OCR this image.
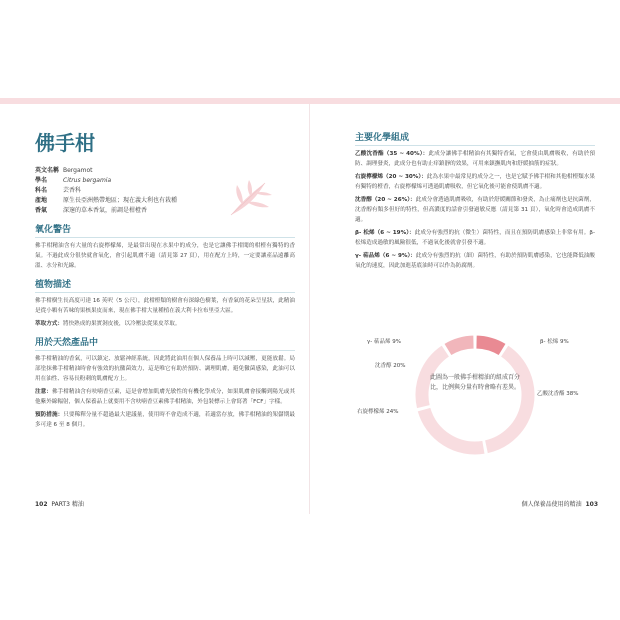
佛手柑
英文名稱 Bergamot
學名	Citrus bergamia
科名	芸香科
產地	原生長亞洲熱帶地區；現在義大利也有栽種
香氣	深邃的草本香氣，前調是柑橙香
氧化警告

佛手柑精油含有大量的右旋檸檬烯，是最常出現在水果中的成分，也是它讓佛手柑聞的柑橙有獨特的香氣。不過此成分很快就會氧化，會引起肌膚不適（請見第 27 頁），用在配方上時，一定要讓產品遠離高溫、水分和光線。

植物描述

佛手柑樹生長高度可達 16 英呎（5 公尺），此柑橙類的樹會有深綠色樹葉，有香氣的花朵呈星狀，此精油是從小顆有苦味的果核果皮而來，現在佛手柑大量種植在義大利卡拉布里亞大區。

萃取方式：將快熟成的果實剝皮後，以冷壓法從果皮萃取。

用於天然產品中

佛手柑精油的香氣，可以鎮定、放鬆神經系統，因此將此油用在個人保養品上時可以減壓，更能放鬆。局部塗抹佛手柑精油時會有強效的抗黴菌效力，這是唯它有助於預防、調理肌膚，避免黴菌感染，此油可以用在油性、容易長粉刺的肌膚配方上。

注意：佛手柑精油含有呋喃香豆素，這是會增加肌膚光敏性的有機化學成分，如果肌膚會接觸到陽光或其他紫外線輻射，個人保養品上就要用不含呋喃香豆素佛手柑精油，外包裝標示上會寫著「FCF」字樣。

預防措施：只要稀釋分量不超過最大建議量，使用時不會造成不適，若適當存放，佛手柑精油的架儲期最多可達 6 至 8 個月。

主要化學組成

乙酸沈香酯（35 ~ 40%）：此成分讓佛手柑精油有其獨特香氣，它會使由肌膚吸收，有助於預防、調理發炎，此成分也有助止痒鎮靜的效果，可用來鎮撫肌肉和舒緩抽筋的症狀。

右旋檸檬烯（20 ~ 30%）：此為水果中最常見的成分之一，也是它賦予佛手柑和其他柑橙類水果有獨特的橙香，右旋檸檬烯可透過肌膚吸收，但它氧化後可能會使肌膚不適。

沈香醇（20 ~ 26%）：此成分會透過肌膚吸收，有助於舒緩關節和發炎，為止痛劑也是抗菌劑，沈香醇有類多但好的特性，但高濃度的話會引發過敏反應（請見第 31 頁），氧化時會造成肌膚不適。

β- 松烯（6 ~ 19%）：此成分有強烈的抗（微生）菌特性，而且在預防肌膚感染上非常有用。β- 松烯造成過敏的風險很低，不過氧化後就會引發不適。

γ- 萜品烯（6 ~ 9%）：此成分有強烈的抗（細）菌特性，有助於預防肌膚感染，它也能降低油酸氧化的速度，因此加進基底油時可以作為防腐劑。

β- 松烯 9%
乙酸沈香酯 38%
右旋檸檬烯 24%
沈香醇 20%
γ- 萜品烯 9%
此圖為一般佛手柑精油的組成百分比，比例與分量有時會略有差異。
102 PART3 精油	個人保養品使用的精油 103
